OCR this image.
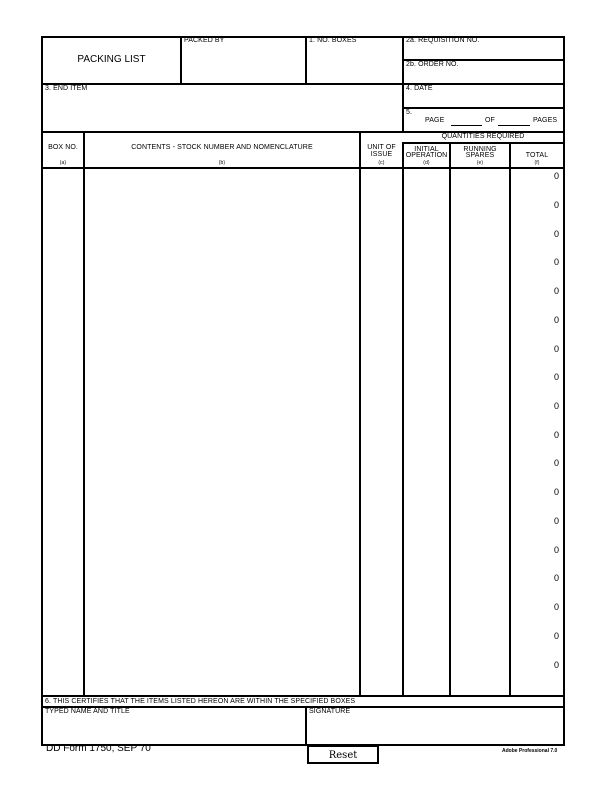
PACKING LIST
PACKED BY	1. NO. BOXES	2a. REQUISITION NO.
2b. ORDER NO.
3. END ITEM	4. DATE
5.
PAGE	OF	PAGES
QUANTITIES REQUIRED
BOX NO.
(a)
CONTENTS - STOCK NUMBER AND NOMENCLATURE
(b)
UNIT OF
ISSUE
(c)
INITIAL
OPERATION
(d)
RUNNING
SPARES
(e)
TOTAL
(f)
0
0
0
0
0
0
0
0
0
0
0
0
0
0
0
0
0
0
6. THIS CERTIFIES THAT THE ITEMS LISTED HEREON ARE WITHIN THE SPECIFIED BOXES
TYPED NAME AND TITLE	SIGNATURE
DD Form 1750, SEP 70
Reset	Adobe Professional 7.0
